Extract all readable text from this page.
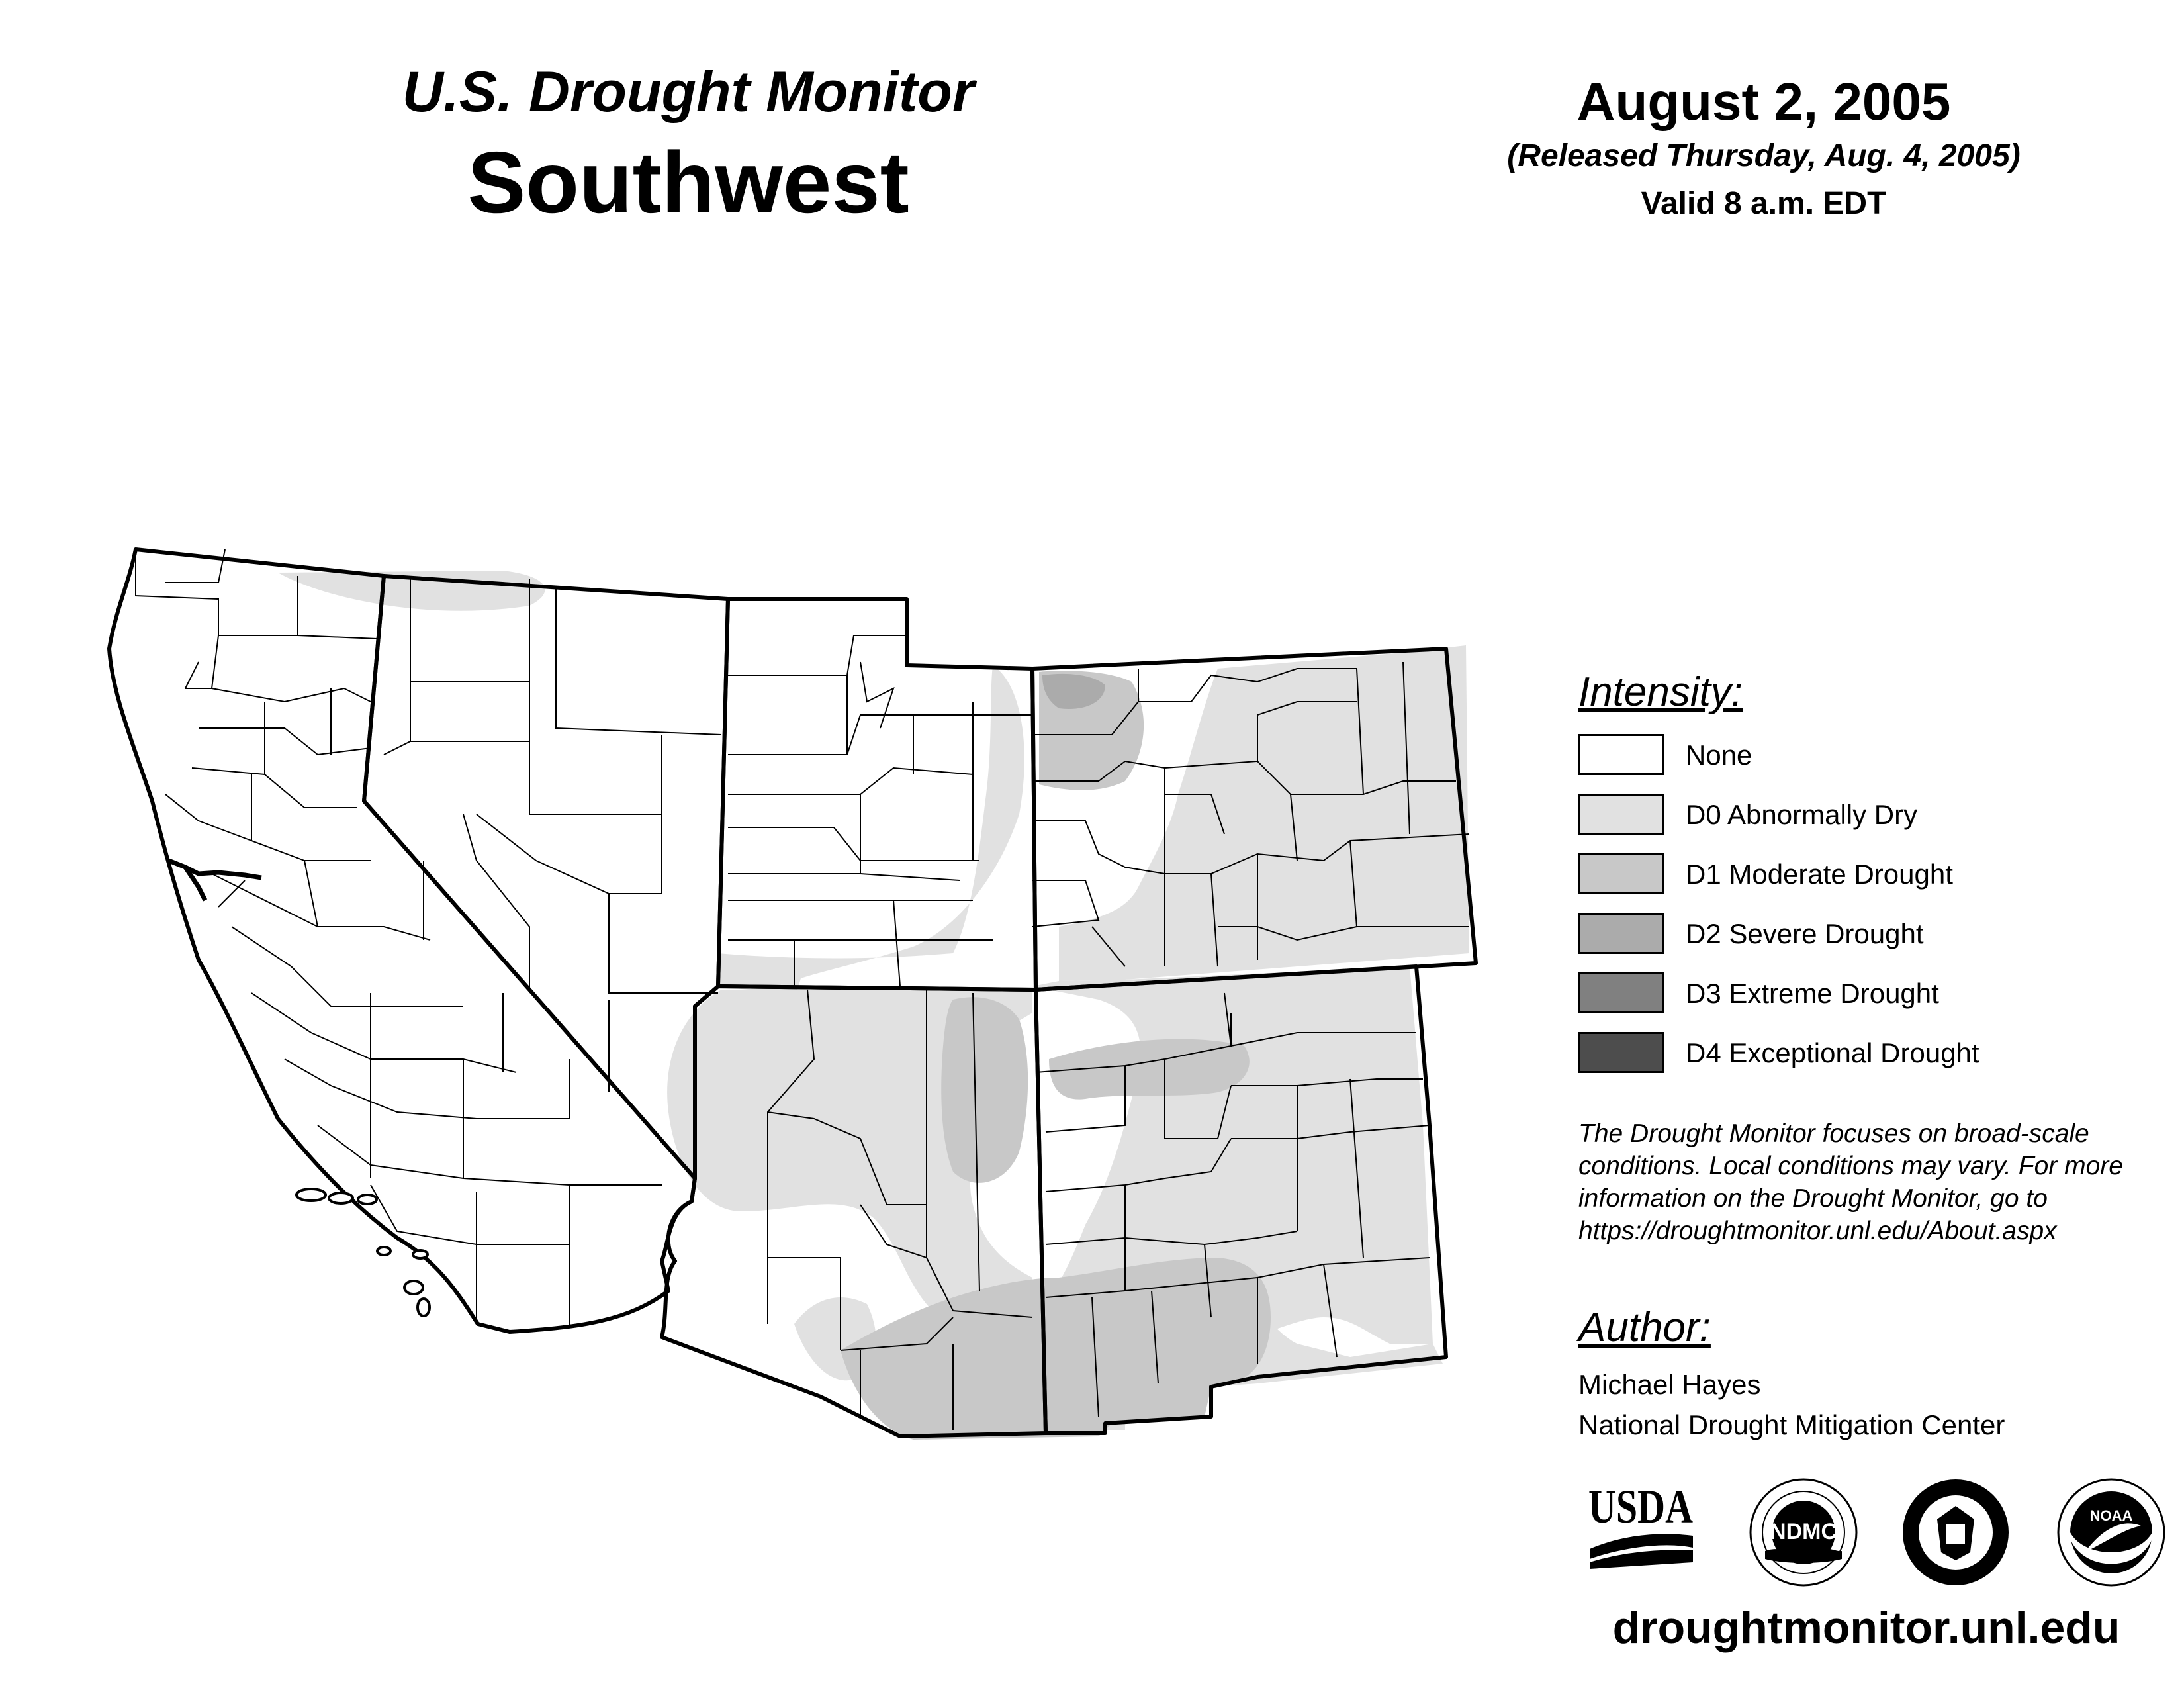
U.S. Drought Monitor
Southwest
August 2, 2005
(Released Thursday, Aug. 4, 2005)
Valid 8 a.m. EDT
Intensity:
None
D0 Abnormally Dry
D1 Moderate Drought
D2 Severe Drought
D3 Extreme Drought
D4 Exceptional Drought
The Drought Monitor focuses on broad-scale
conditions. Local conditions may vary. For more
information on the Drought Monitor, go to
https://droughtmonitor.unl.edu/About.aspx
Author:
Michael Hayes
National Drought Mitigation Center
USDA	NDMC
NOAA
droughtmonitor.unl.edu
